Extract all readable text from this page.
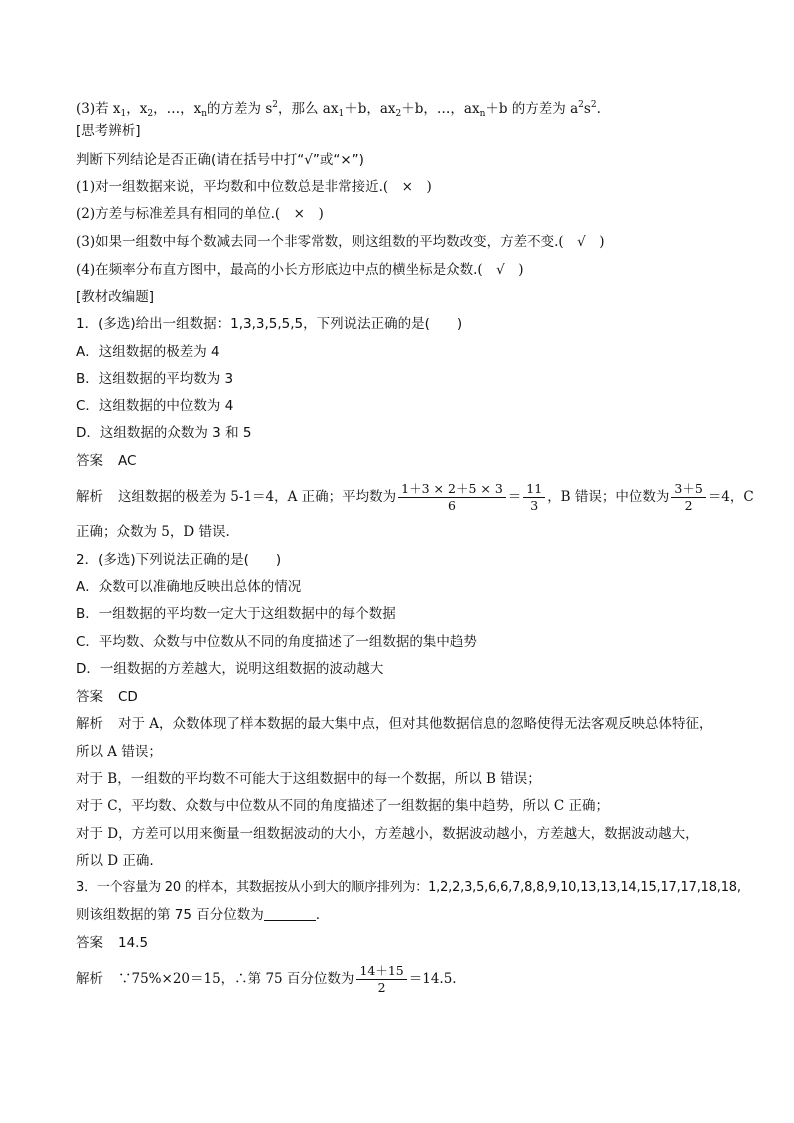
(3)若 $x_1$，$x_2$，…，$x_n$的方差为 $s^2$，那么 $ax_1+b$，$ax_2+b$，…，$ax_n+b$ 的方差为 $a^2s^2$.
[思考辨析]
判断下列结论是否正确(请在括号中打“√”或“×”)
(1)对一组数据来说，平均数和中位数总是非常接近.(　×　)
(2)方差与标准差具有相同的单位.(　×　)
(3)如果一组数中每个数减去同一个非零常数，则这组数的平均数改变，方差不变.(　√　)
(4)在频率分布直方图中，最高的小长方形底边中点的横坐标是众数.(　√　)
[教材改编题]
1．(多选)给出一组数据：1,3,3,5,5,5，下列说法正确的是(　　)
A．这组数据的极差为 4
B．这组数据的平均数为 3
C．这组数据的中位数为 4
D．这组数据的众数为 3 和 5
答案 AC
解析 这组数据的极差为 5-1＝4，A 正确；平均数为 $\frac{1+3 \times 2+5 \times 3}{6} = \frac{11}{3}$ ，B 错误；中位数为 $\frac{3+5}{2} =4$，C
正确；众数为 5，D 错误.
2．(多选)下列说法正确的是(　　)
A．众数可以准确地反映出总体的情况
B．一组数据的平均数一定大于这组数据中的每个数据
C．平均数、众数与中位数从不同的角度描述了一组数据的集中趋势
D．一组数据的方差越大，说明这组数据的波动越大
答案 CD
解析 对于 A，众数体现了样本数据的最大集中点，但对其他数据信息的忽略使得无法客观反映总体特征，
所以 A 错误；
对于 B，一组数的平均数不可能大于这组数据中的每一个数据，所以 B 错误；
对于 C，平均数、众数与中位数从不同的角度描述了一组数据的集中趋势，所以 C 正确；
对于 D，方差可以用来衡量一组数据波动的大小，方差越小，数据波动越小，方差越大，数据波动越大，
所以 D 正确.
3．一个容量为 20 的样本，其数据按从小到大的顺序排列为：1,2,2,3,5,6,6,7,8,8,9,10,13,13,14,15,17,17,18,18,
则该组数据的第 75 百分位数为	.
答案 14.5
解析 ∵75%×20＝15，∴第 75 百分位数为 $\frac{14+15}{2} =14.5$.
